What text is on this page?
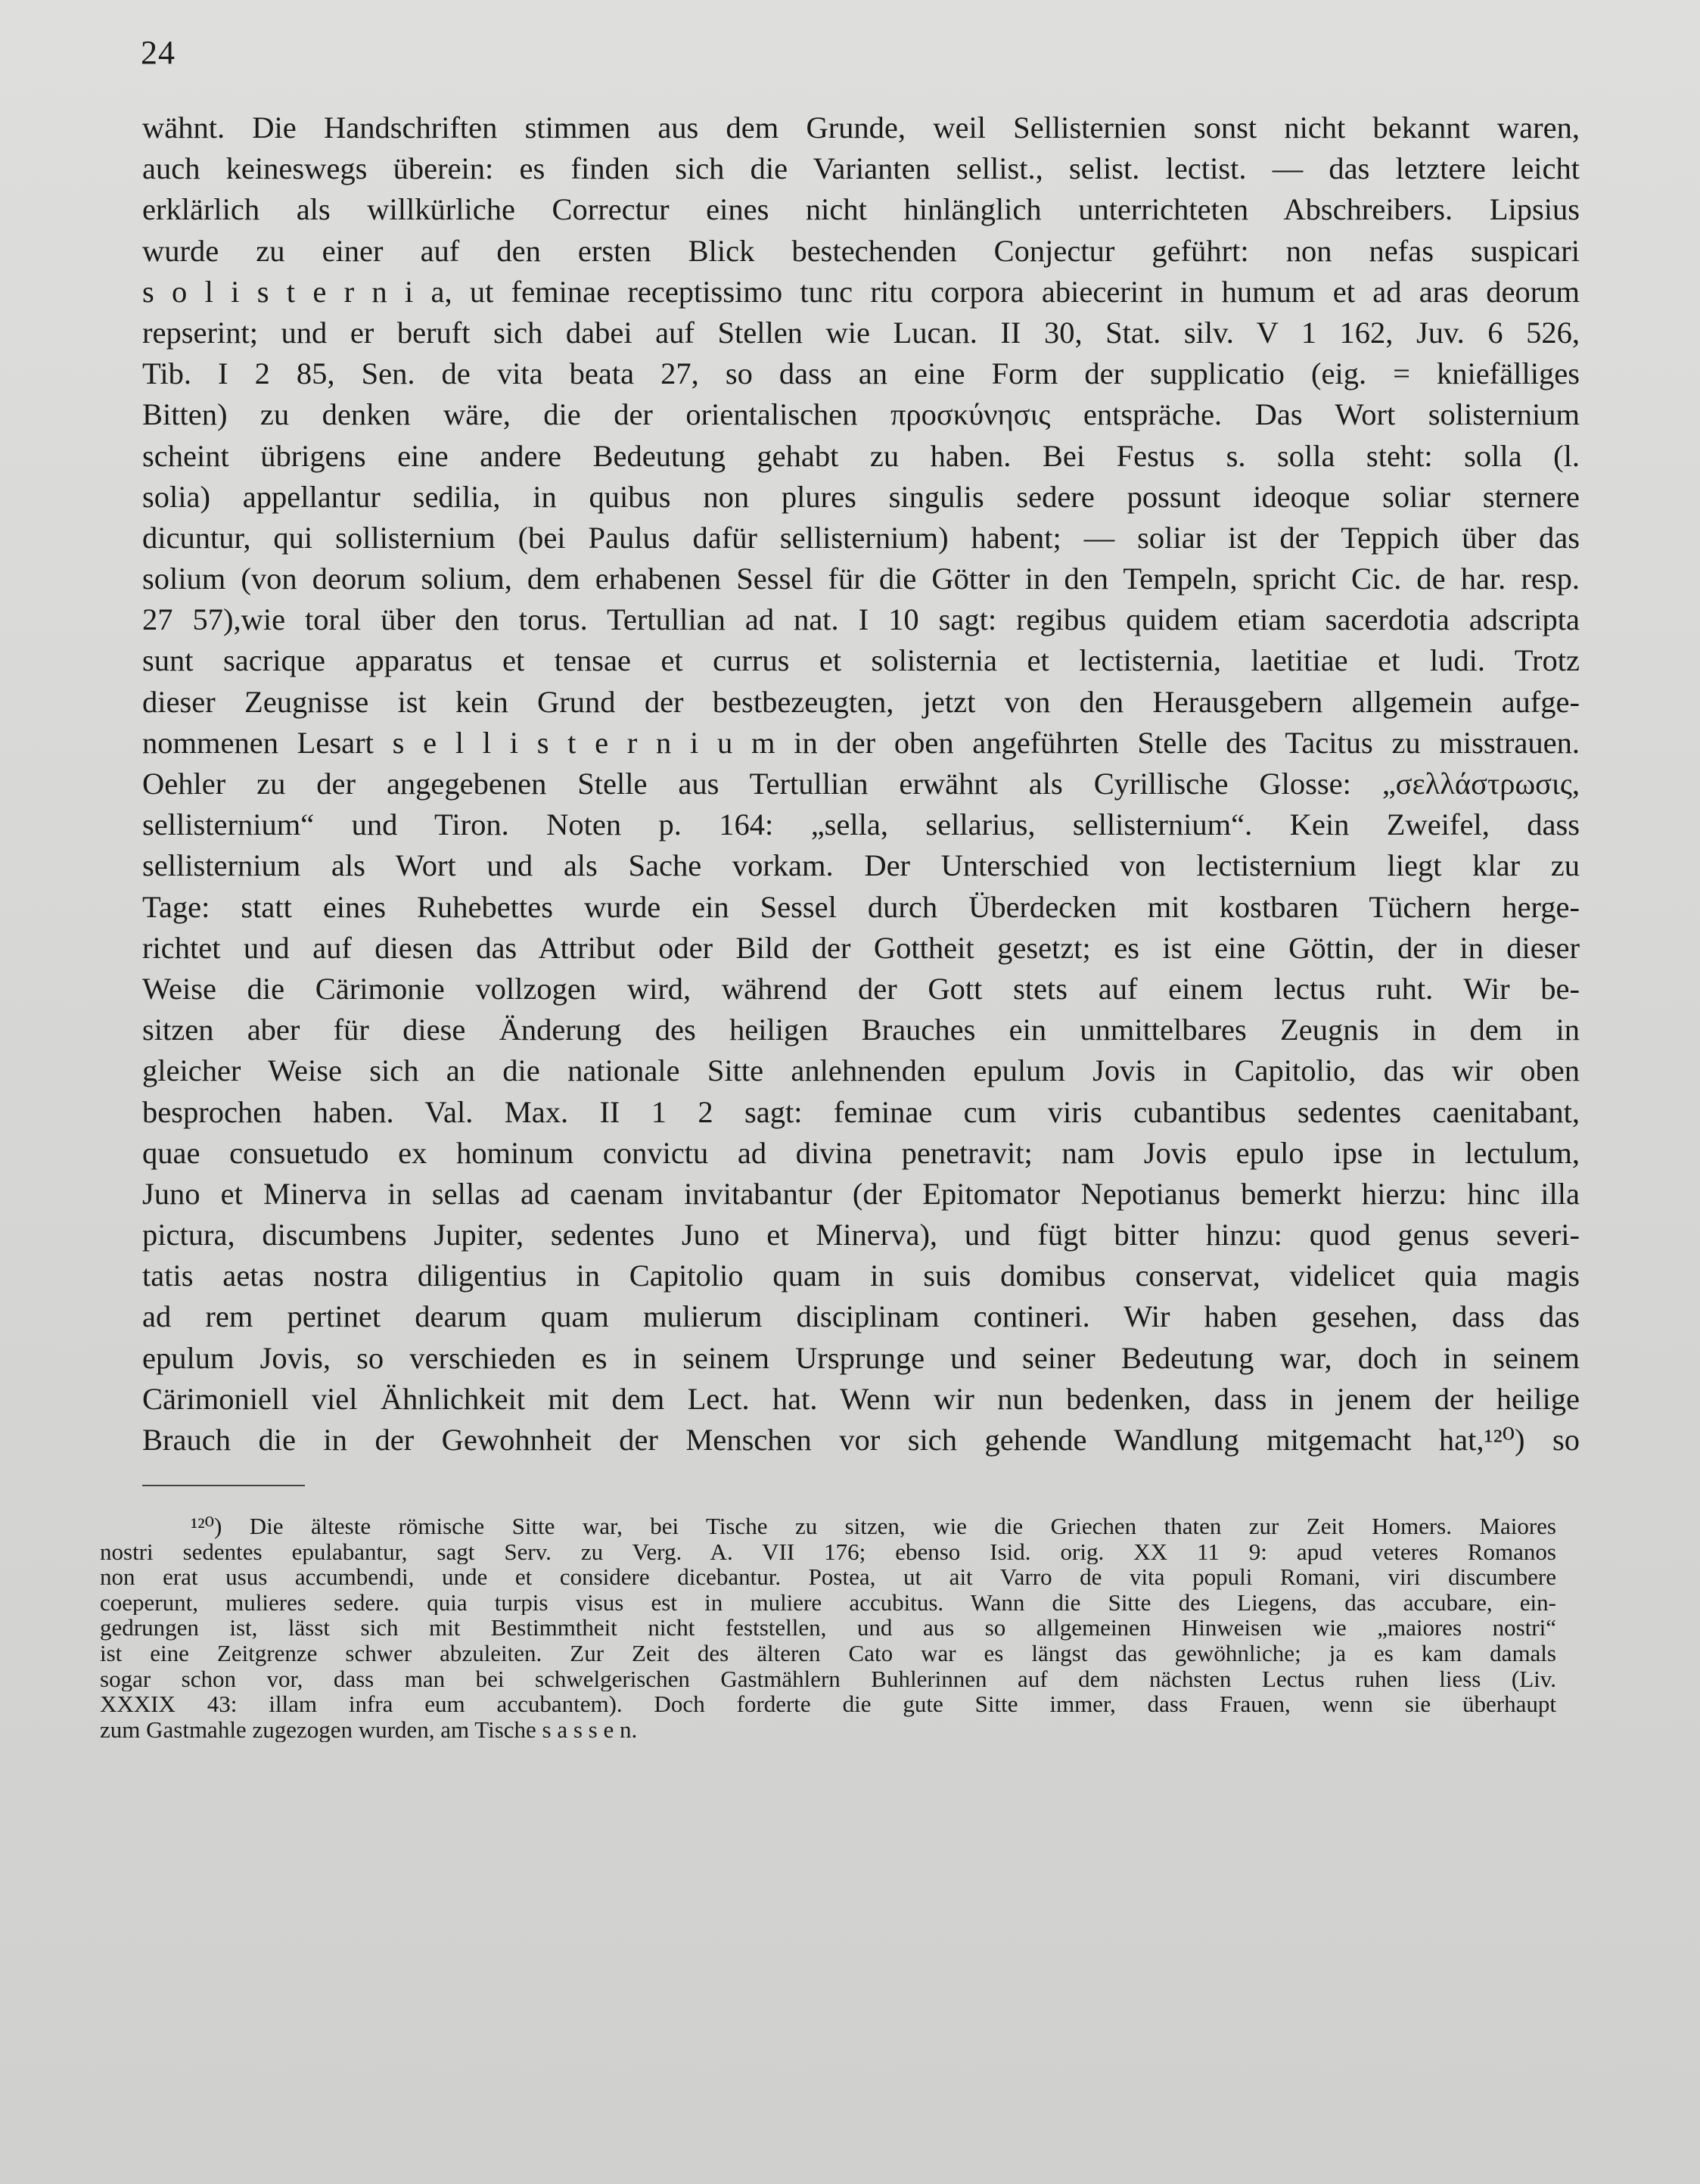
24
wähnt. Die Handschriften stimmen aus dem Grunde, weil Sellisternien sonst nicht bekannt waren,
auch keineswegs überein: es finden sich die Varianten sellist., selist. lectist. — das letztere leicht
erklärlich als willkürliche Correctur eines nicht hinlänglich unterrichteten Abschreibers. Lipsius
wurde zu einer auf den ersten Blick bestechenden Conjectur geführt: non nefas suspicari
s o l i s t e r n i a, ut feminae receptissimo tunc ritu corpora abiecerint in humum et ad aras deorum
repserint; und er beruft sich dabei auf Stellen wie Lucan. II 30, Stat. silv. V 1 162, Juv. 6 526,
Tib. I 2 85, Sen. de vita beata 27, so dass an eine Form der supplicatio (eig. = kniefälliges
Bitten) zu denken wäre, die der orientalischen προσκύνησις entspräche. Das Wort solisternium
scheint übrigens eine andere Bedeutung gehabt zu haben. Bei Festus s. solla steht: solla (l.
solia) appellantur sedilia, in quibus non plures singulis sedere possunt ideoque soliar sternere
dicuntur, qui sollisternium (bei Paulus dafür sellisternium) habent; — soliar ist der Teppich über das
solium (von deorum solium, dem erhabenen Sessel für die Götter in den Tempeln, spricht Cic. de har. resp.
27 57),wie toral über den torus. Tertullian ad nat. I 10 sagt: regibus quidem etiam sacerdotia adscripta
sunt sacrique apparatus et tensae et currus et solisternia et lectisternia, laetitiae et ludi. Trotz
dieser Zeugnisse ist kein Grund der bestbezeugten, jetzt von den Herausgebern allgemein aufge-
nommenen Lesart s e l l i s t e r n i u m in der oben angeführten Stelle des Tacitus zu misstrauen.
Oehler zu der angegebenen Stelle aus Tertullian erwähnt als Cyrillische Glosse: „σελλάστρωσις,
sellisternium“ und Tiron. Noten p. 164: „sella, sellarius, sellisternium“. Kein Zweifel, dass
sellisternium als Wort und als Sache vorkam. Der Unterschied von lectisternium liegt klar zu
Tage: statt eines Ruhebettes wurde ein Sessel durch Überdecken mit kostbaren Tüchern herge-
richtet und auf diesen das Attribut oder Bild der Gottheit gesetzt; es ist eine Göttin, der in dieser
Weise die Cärimonie vollzogen wird, während der Gott stets auf einem lectus ruht. Wir be-
sitzen aber für diese Änderung des heiligen Brauches ein unmittelbares Zeugnis in dem in
gleicher Weise sich an die nationale Sitte anlehnenden epulum Jovis in Capitolio, das wir oben
besprochen haben. Val. Max. II 1 2 sagt: feminae cum viris cubantibus sedentes caenitabant,
quae consuetudo ex hominum convictu ad divina penetravit; nam Jovis epulo ipse in lectulum,
Juno et Minerva in sellas ad caenam invitabantur (der Epitomator Nepotianus bemerkt hierzu: hinc illa
pictura, discumbens Jupiter, sedentes Juno et Minerva), und fügt bitter hinzu: quod genus severi-
tatis aetas nostra diligentius in Capitolio quam in suis domibus conservat, videlicet quia magis
ad rem pertinet dearum quam mulierum disciplinam contineri. Wir haben gesehen, dass das
epulum Jovis, so verschieden es in seinem Ursprunge und seiner Bedeutung war, doch in seinem
Cärimoniell viel Ähnlichkeit mit dem Lect. hat. Wenn wir nun bedenken, dass in jenem der heilige
Brauch die in der Gewohnheit der Menschen vor sich gehende Wandlung mitgemacht hat,¹²⁰) so
¹²⁰) Die älteste römische Sitte war, bei Tische zu sitzen, wie die Griechen thaten zur Zeit Homers. Maiores
nostri sedentes epulabantur, sagt Serv. zu Verg. A. VII 176; ebenso Isid. orig. XX 11 9: apud veteres Romanos
non erat usus accumbendi, unde et considere dicebantur. Postea, ut ait Varro de vita populi Romani, viri discumbere
coeperunt, mulieres sedere. quia turpis visus est in muliere accubitus. Wann die Sitte des Liegens, das accubare, ein-
gedrungen ist, lässt sich mit Bestimmtheit nicht feststellen, und aus so allgemeinen Hinweisen wie „maiores nostri“
ist eine Zeitgrenze schwer abzuleiten. Zur Zeit des älteren Cato war es längst das gewöhnliche; ja es kam damals
sogar schon vor, dass man bei schwelgerischen Gastmählern Buhlerinnen auf dem nächsten Lectus ruhen liess (Liv.
XXXIX 43: illam infra eum accubantem). Doch forderte die gute Sitte immer, dass Frauen, wenn sie überhaupt
zum Gastmahle zugezogen wurden, am Tische s a s s e n.
